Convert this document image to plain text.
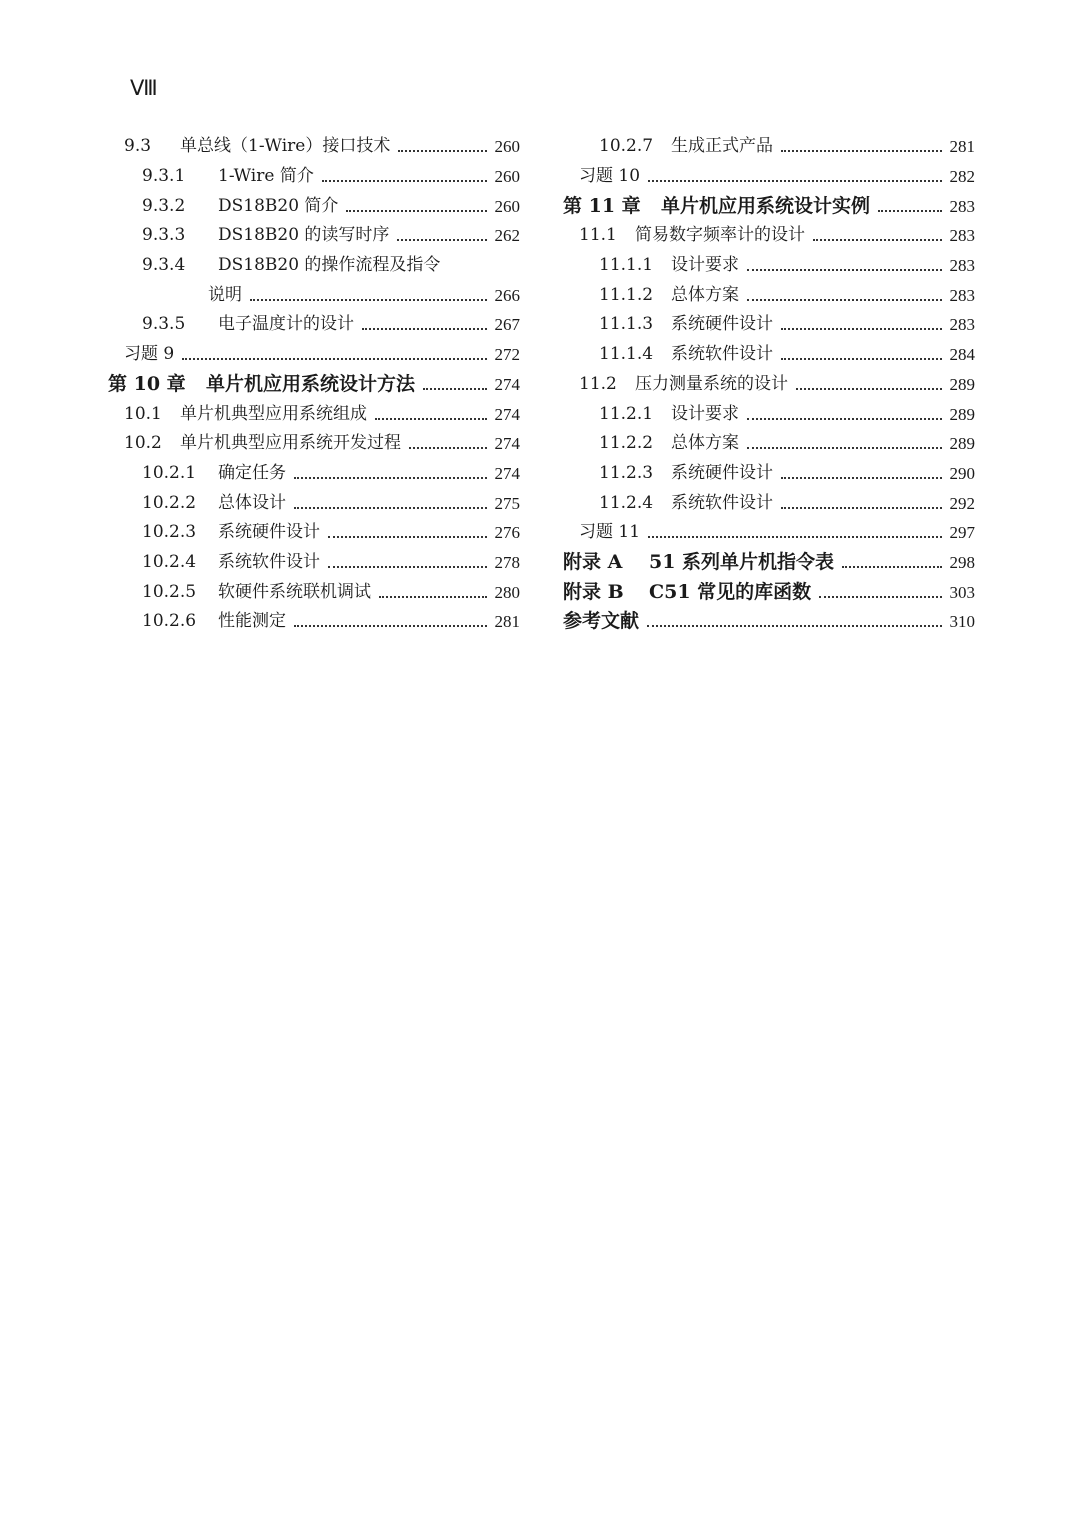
Ⅷ
9.3	单总线（1-Wire）接口技术	260
9.3.1	1-Wire 简介	260
9.3.2	DS18B20 简介	260
9.3.3	DS18B20 的读写时序	262
9.3.4	DS18B20 的操作流程及指令
说明	266
9.3.5	电子温度计的设计	267
习题 9	272
第 10 章	单片机应用系统设计方法	274
10.1	单片机典型应用系统组成	274
10.2	单片机典型应用系统开发过程	274
10.2.1	确定任务	274
10.2.2	总体设计	275
10.2.3	系统硬件设计	276
10.2.4	系统软件设计	278
10.2.5	软硬件系统联机调试	280
10.2.6	性能测定	281
10.2.7	生成正式产品	281
习题 10	282
第 11 章	单片机应用系统设计实例	283
11.1	简易数字频率计的设计	283
11.1.1	设计要求	283
11.1.2	总体方案	283
11.1.3	系统硬件设计	283
11.1.4	系统软件设计	284
11.2	压力测量系统的设计	289
11.2.1	设计要求	289
11.2.2	总体方案	289
11.2.3	系统硬件设计	290
11.2.4	系统软件设计	292
习题 11	297
附录 A	51 系列单片机指令表	298
附录 B	C51 常见的库函数	303
参考文献	310
